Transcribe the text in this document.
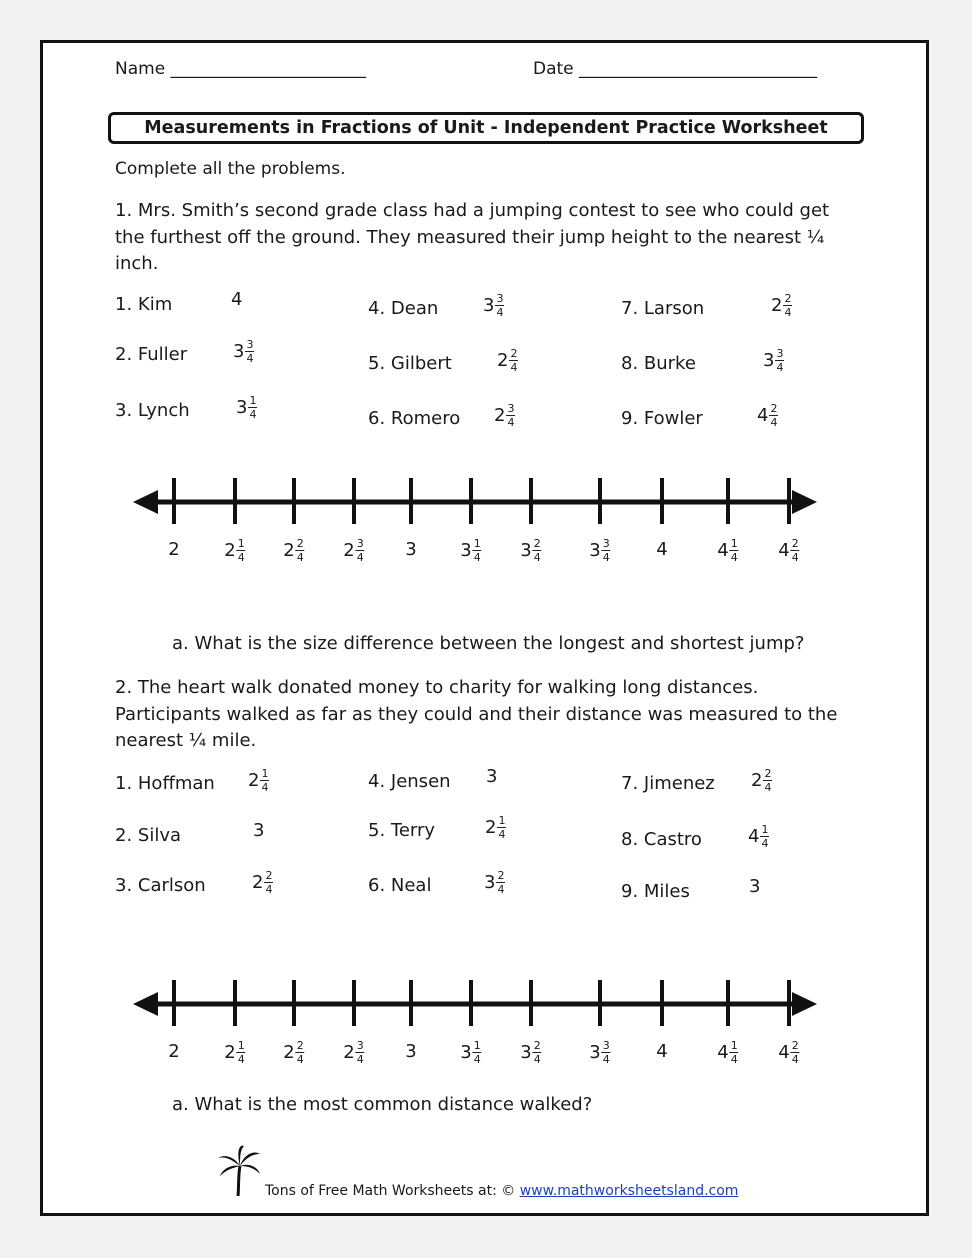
Name _______________________	Date ____________________________
Measurements in Fractions of Unit - Independent Practice Worksheet
Complete all the problems.
1. Mrs. Smith’s second grade class had a jumping contest to see who could get the furthest off the ground. They measured their jump height to the nearest ¼ inch.
1. Kim	4
2. Fuller	$3 \frac{3}{4}$
3. Lynch	$3 \frac{1}{4}$
4. Dean $3 \frac{3}{4}$
5. Gilbert	$2 \frac{2}{4}$
6. Romero $2 \frac{3}{4}$
7. Larson	$2 \frac{2}{4}$
8. Burke	$3 \frac{3}{4}$
9. Fowler	$4 \frac{2}{4}$
2 $2 \frac{1}{4} 2 \frac{2}{4} 2 \frac{3}{4} 3$ $3 \frac{1}{4} 3 \frac{2}{4}$	$3 \frac{3}{4}$	4	$4 \frac{1}{4} 4 \frac{2}{4}$
a. What is the size difference between the longest and shortest jump?
2. The heart walk donated money to charity for walking long distances. Participants walked as far as they could and their distance was measured to the nearest ¼ mile.
1. Hoffman $2 \frac{1}{4}$
2. Silva	3
3. Carlson	$2 \frac{2}{4}$
4. Jensen 3
5. Terry	$2 \frac{1}{4}$
6. Neal	$3 \frac{2}{4}$
7. Jimenez $2 \frac{2}{4}$
8. Castro	$4 \frac{1}{4}$
9. Miles	3
2 $2 \frac{1}{4} 2 \frac{2}{4} 2 \frac{3}{4} 3$ $3 \frac{1}{4} 3 \frac{2}{4}$	$3 \frac{3}{4}$	4	$4 \frac{1}{4} 4 \frac{2}{4}$
a. What is the most common distance walked?
Tons of Free Math Worksheets at: © www.mathworksheetsland.com
